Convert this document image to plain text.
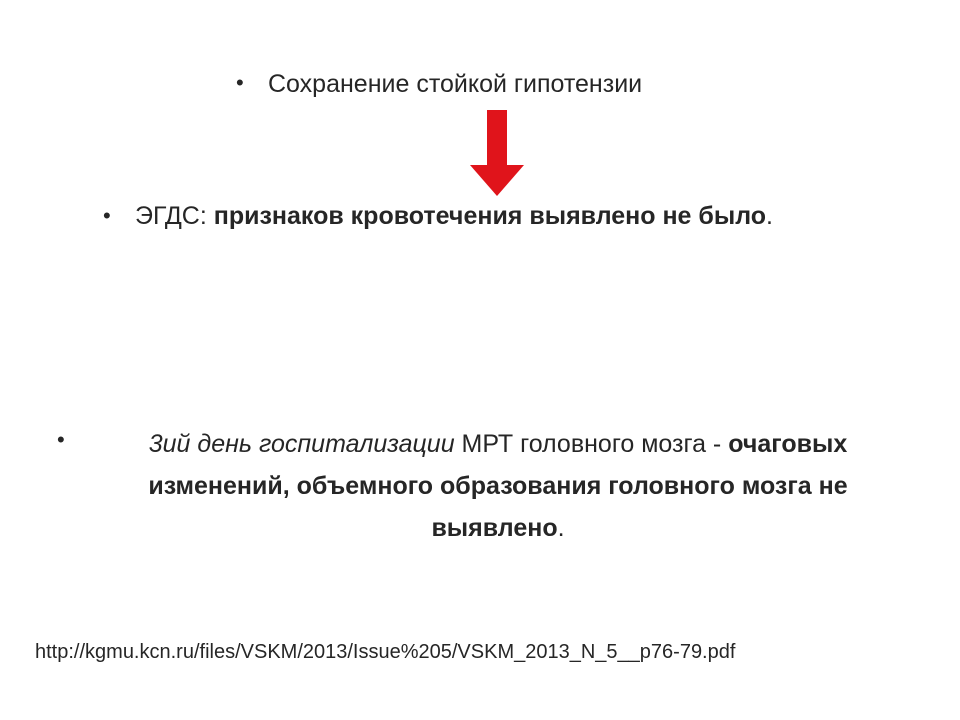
• Сохранение стойкой гипотензии
• ЭГДС: признаков кровотечения выявлено не было.
•	3ий день госпитализации МРТ головного мозга - очаговых
изменений, объемного образования головного мозга не
выявлено.
http://kgmu.kcn.ru/files/VSKM/2013/Issue%205/VSKM_2013_N_5__p76-79.pdf
